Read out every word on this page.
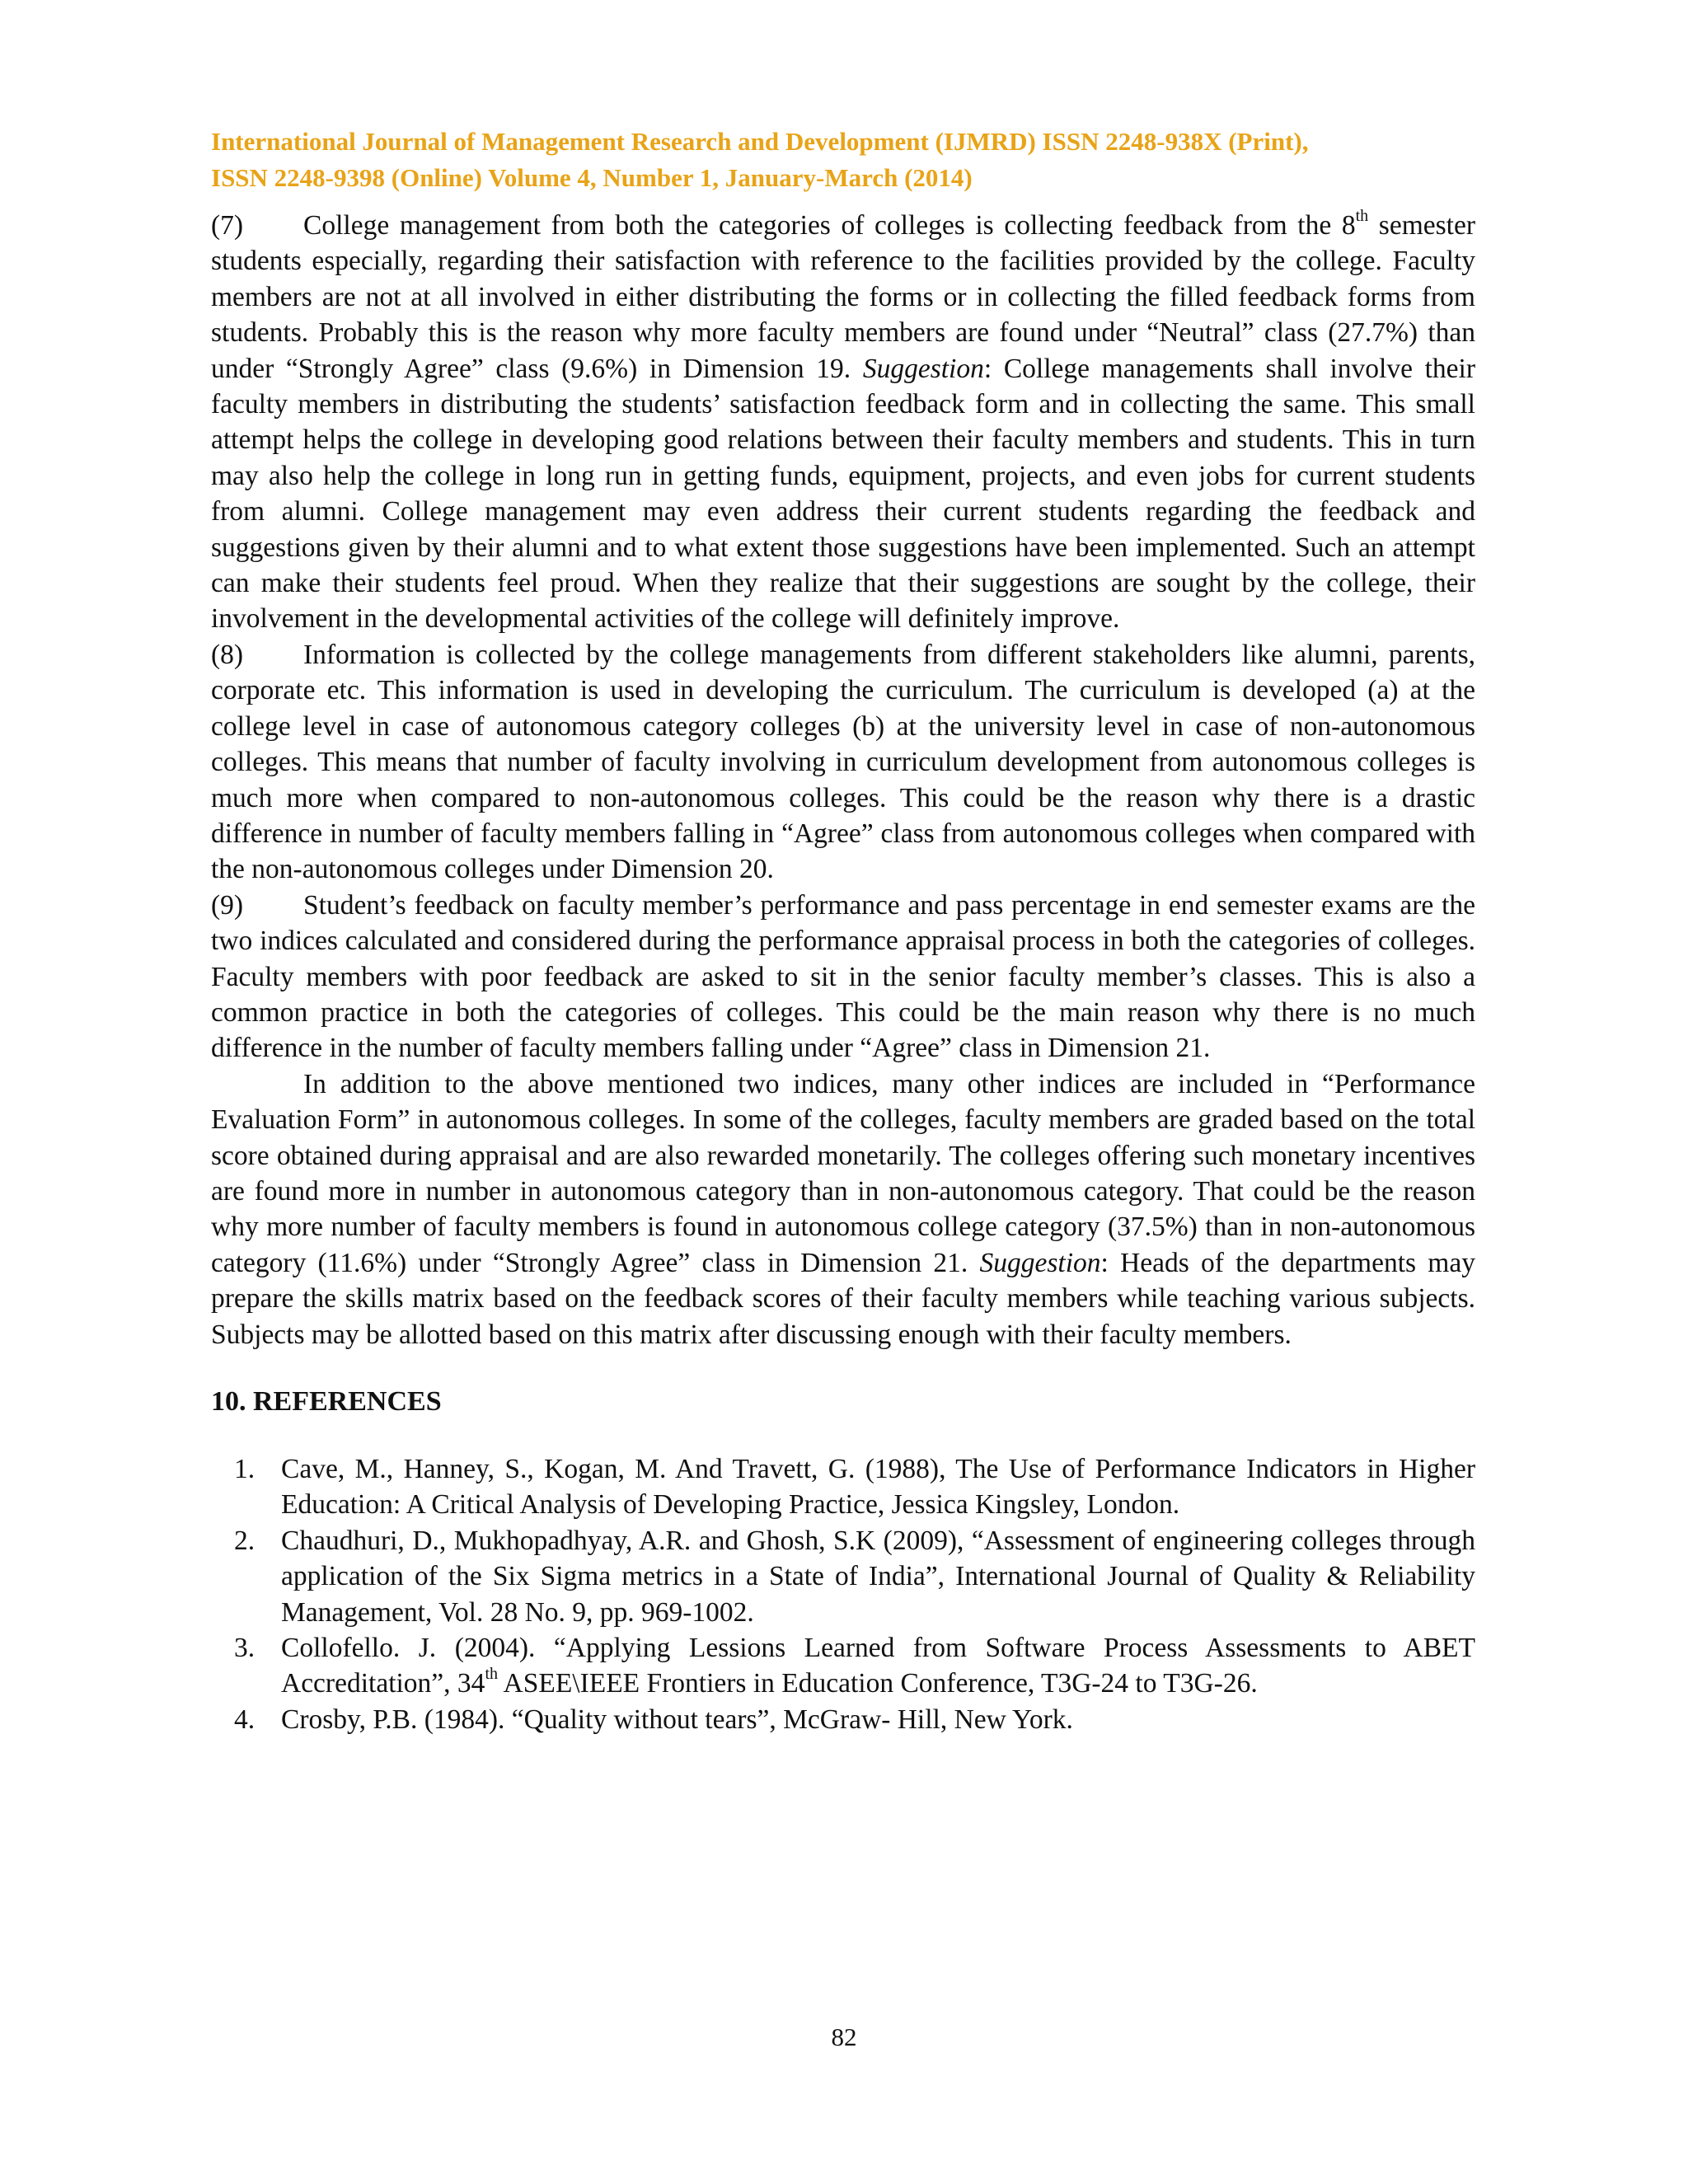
International Journal of Management Research and Development (IJMRD) ISSN 2248-938X (Print),
ISSN 2248-9398 (Online) Volume 4, Number 1, January-March (2014)

(7) College management from both the categories of colleges is collecting feedback from the 8th semester students especially, regarding their satisfaction with reference to the facilities provided by the college. Faculty members are not at all involved in either distributing the forms or in collecting the filled feedback forms from students. Probably this is the reason why more faculty members are found under “Neutral” class (27.7%) than under “Strongly Agree” class (9.6%) in Dimension 19. Suggestion: College managements shall involve their faculty members in distributing the students’ satisfaction feedback form and in collecting the same. This small attempt helps the college in developing good relations between their faculty members and students. This in turn may also help the college in long run in getting funds, equipment, projects, and even jobs for current students from alumni. College management may even address their current students regarding the feedback and suggestions given by their alumni and to what extent those suggestions have been implemented. Such an attempt can make their students feel proud. When they realize that their suggestions are sought by the college, their involvement in the developmental activities of the college will definitely improve.

(8) Information is collected by the college managements from different stakeholders like alumni, parents, corporate etc. This information is used in developing the curriculum. The curriculum is developed (a) at the college level in case of autonomous category colleges (b) at the university level in case of non-autonomous colleges. This means that number of faculty involving in curriculum development from autonomous colleges is much more when compared to non-autonomous colleges. This could be the reason why there is a drastic difference in number of faculty members falling in “Agree” class from autonomous colleges when compared with the non-autonomous colleges under Dimension 20.

(9) Student’s feedback on faculty member’s performance and pass percentage in end semester exams are the two indices calculated and considered during the performance appraisal process in both the categories of colleges. Faculty members with poor feedback are asked to sit in the senior faculty member’s classes. This is also a common practice in both the categories of colleges. This could be the main reason why there is no much difference in the number of faculty members falling under “Agree” class in Dimension 21.

In addition to the above mentioned two indices, many other indices are included in “Performance Evaluation Form” in autonomous colleges. In some of the colleges, faculty members are graded based on the total score obtained during appraisal and are also rewarded monetarily. The colleges offering such monetary incentives are found more in number in autonomous category than in non-autonomous category. That could be the reason why more number of faculty members is found in autonomous college category (37.5%) than in non-autonomous category (11.6%) under “Strongly Agree” class in Dimension 21. Suggestion: Heads of the departments may prepare the skills matrix based on the feedback scores of their faculty members while teaching various subjects. Subjects may be allotted based on this matrix after discussing enough with their faculty members.

10. REFERENCES
1. Cave, M., Hanney, S., Kogan, M. And Travett, G. (1988), The Use of Performance Indicators in Higher Education: A Critical Analysis of Developing Practice, Jessica Kingsley, London.
2. Chaudhuri, D., Mukhopadhyay, A.R. and Ghosh, S.K (2009), “Assessment of engineering colleges through application of the Six Sigma metrics in a State of India”, International Journal of Quality & Reliability Management, Vol. 28 No. 9, pp. 969-1002.
3. Collofello. J. (2004). “Applying Lessions Learned from Software Process Assessments to ABET Accreditation”, 34th ASEE\IEEE Frontiers in Education Conference, T3G-24 to T3G-26.
4. Crosby, P.B. (1984). “Quality without tears”, McGraw- Hill, New York.
82
